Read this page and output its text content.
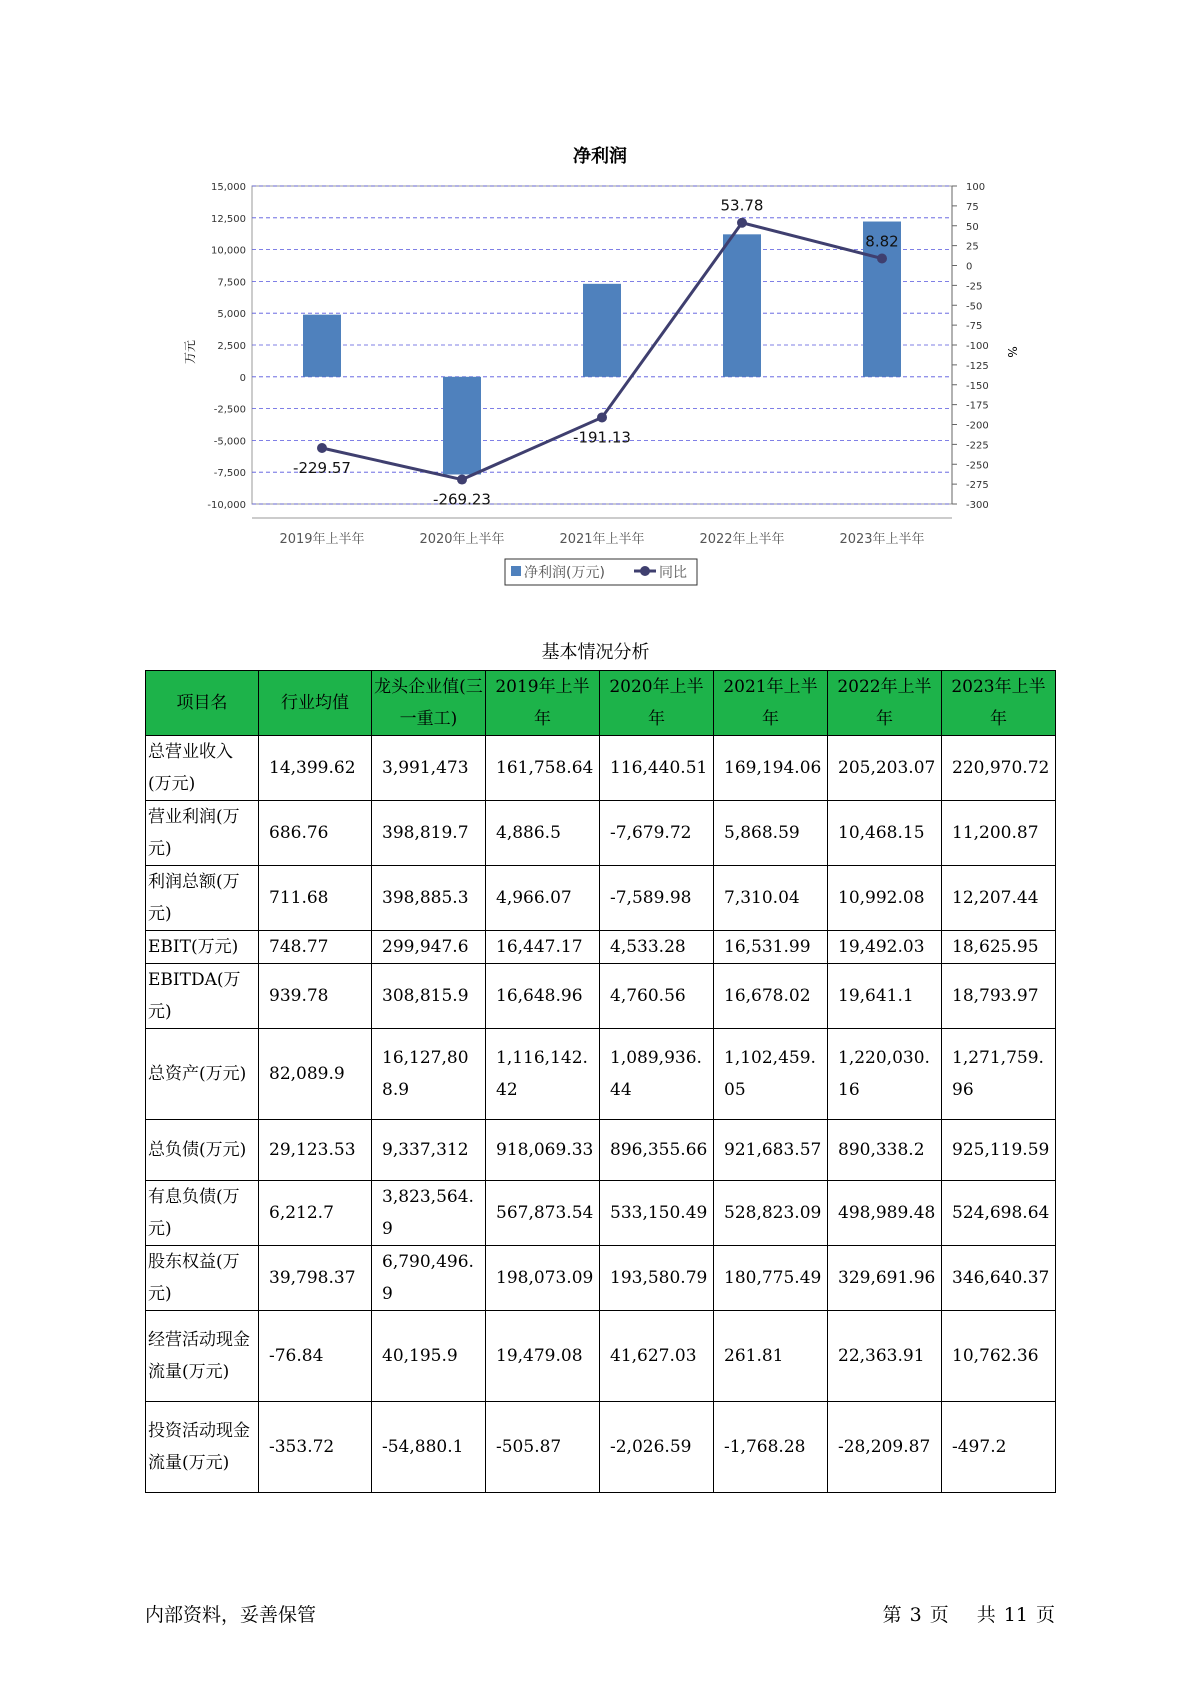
净利润
15,000
12,500
10,000
7,500
5,000
2,500
0
-2,500
-5,000
-7,500
-10,000
100
75
50
25
0
-25
-50
-75
-100
-125
-150
-175
-200
-225
-250
-275
-300
2019年上半年	2020年上半年	2021年上半年	2022年上半年	2023年上半年
-229.57
-269.23
-191.13
53.78
8.82
万元	%
净利润(万元)	同比
基本情况分析
项目名	行业均值	龙头企业值(三一重工)	2019年上半年	2020年上半年	2021年上半年	2022年上半年	2023年上半年
总营业收入(万元)	14,399.62	3,991,473	161,758.64	116,440.51	169,194.06	205,203.07	220,970.72
营业利润(万元)	686.76	398,819.7	4,886.5	-7,679.72	5,868.59	10,468.15	11,200.87
利润总额(万元)	711.68	398,885.3	4,966.07	-7,589.98	7,310.04	10,992.08	12,207.44
EBIT(万元)	748.77	299,947.6	16,447.17	4,533.28	16,531.99	19,492.03	18,625.95
EBITDA(万元)	939.78	308,815.9	16,648.96	4,760.56	16,678.02	19,641.1	18,793.97
总资产(万元)	82,089.9	16,127,808.9	1,116,142.42	1,089,936.44	1,102,459.05	1,220,030.16	1,271,759.96
总负债(万元)	29,123.53	9,337,312	918,069.33	896,355.66	921,683.57	890,338.2	925,119.59
有息负债(万元)	6,212.7	3,823,564.9	567,873.54	533,150.49	528,823.09	498,989.48	524,698.64
股东权益(万元)	39,798.37	6,790,496.9	198,073.09	193,580.79	180,775.49	329,691.96	346,640.37
经营活动现金流量(万元)	-76.84	40,195.9	19,479.08	41,627.03	261.81	22,363.91	10,762.36
投资活动现金流量(万元)	-353.72	-54,880.1	-505.87	-2,026.59	-1,768.28	-28,209.87	-497.2
内部资料，妥善保管	第 3 页 共 11 页
